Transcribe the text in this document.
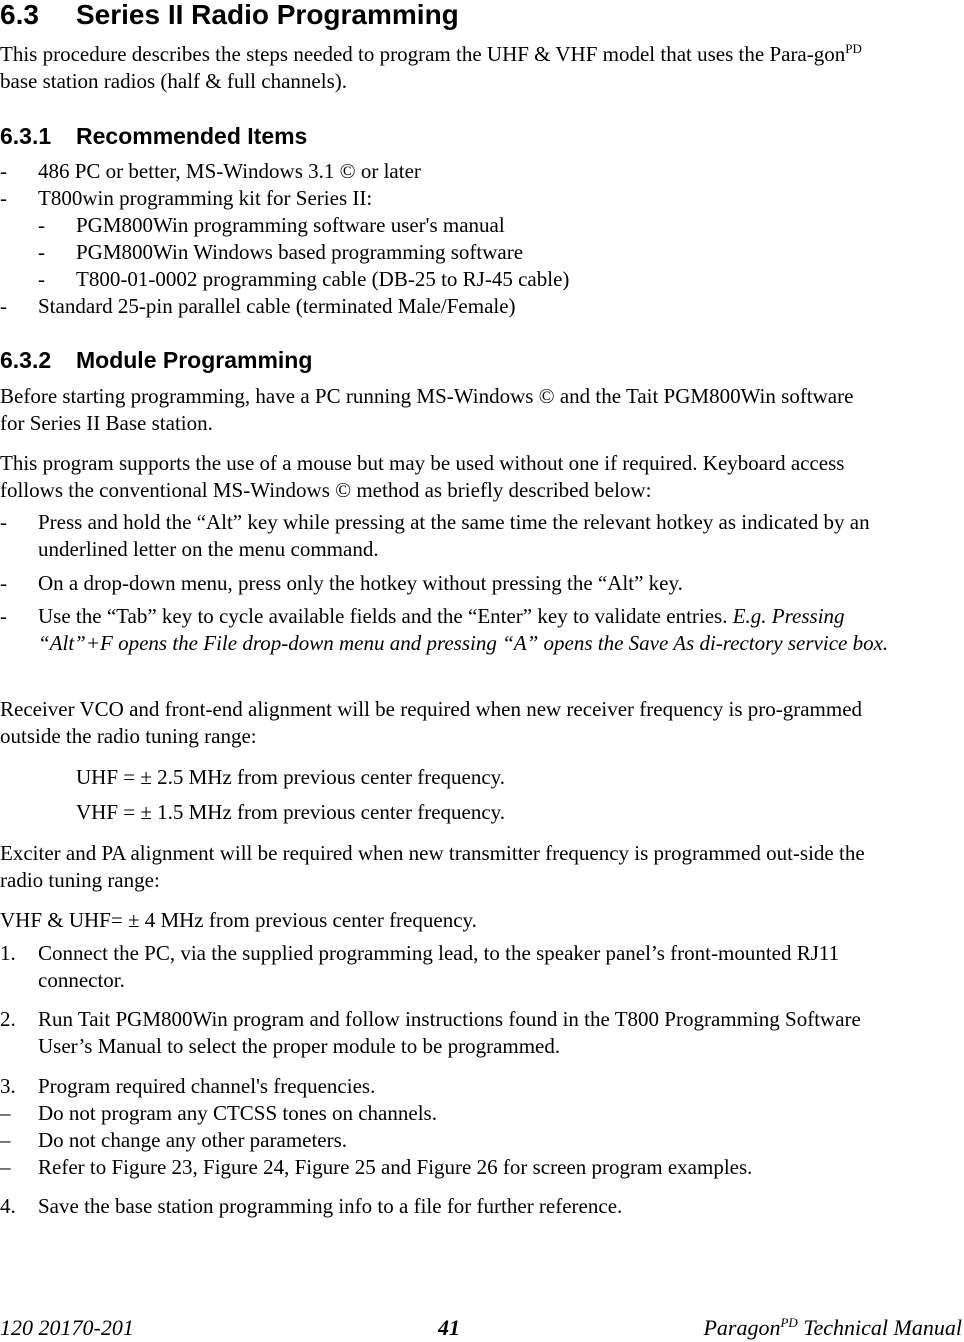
6.3 Series II Radio Programming
This procedure describes the steps needed to program the UHF & VHF model that uses the Para-gon$^{PD}$ base station radios (half & full channels).
6.3.1 Recommended Items
- 486 PC or better, MS-Windows 3.1 © or later
- T800win programming kit for Series II:
- PGM800Win programming software user's manual
- PGM800Win Windows based programming software
- T800-01-0002 programming cable (DB-25 to RJ-45 cable)
- Standard 25-pin parallel cable (terminated Male/Female)
6.3.2 Module Programming
Before starting programming, have a PC running MS-Windows © and the Tait PGM800Win software for Series II Base station.
This program supports the use of a mouse but may be used without one if required. Keyboard access follows the conventional MS-Windows © method as briefly described below:
- Press and hold the “Alt” key while pressing at the same time the relevant hotkey as indicated by an underlined letter on the menu command.
- On a drop-down menu, press only the hotkey without pressing the “Alt” key.
- Use the “Tab” key to cycle available fields and the “Enter” key to validate entries. E.g. Pressing “Alt”+F opens the File drop-down menu and pressing “A” opens the Save As di-rectory service box.
Receiver VCO and front-end alignment will be required when new receiver frequency is pro-grammed outside the radio tuning range:
UHF = ± 2.5 MHz from previous center frequency.
VHF = ± 1.5 MHz from previous center frequency.
Exciter and PA alignment will be required when new transmitter frequency is programmed out-side the radio tuning range:
VHF & UHF= ± 4 MHz from previous center frequency.
1. Connect the PC, via the supplied programming lead, to the speaker panel’s front-mounted RJ11 connector.
2. Run Tait PGM800Win program and follow instructions found in the T800 Programming Software User’s Manual to select the proper module to be programmed.
3. Program required channel's frequencies.
– Do not program any CTCSS tones on channels.
– Do not change any other parameters.
– Refer to Figure 23, Figure 24, Figure 25 and Figure 26 for screen program examples.
4. Save the base station programming info to a file for further reference.
120 20170-201	41	Paragon$^{PD}$ Technical Manual
